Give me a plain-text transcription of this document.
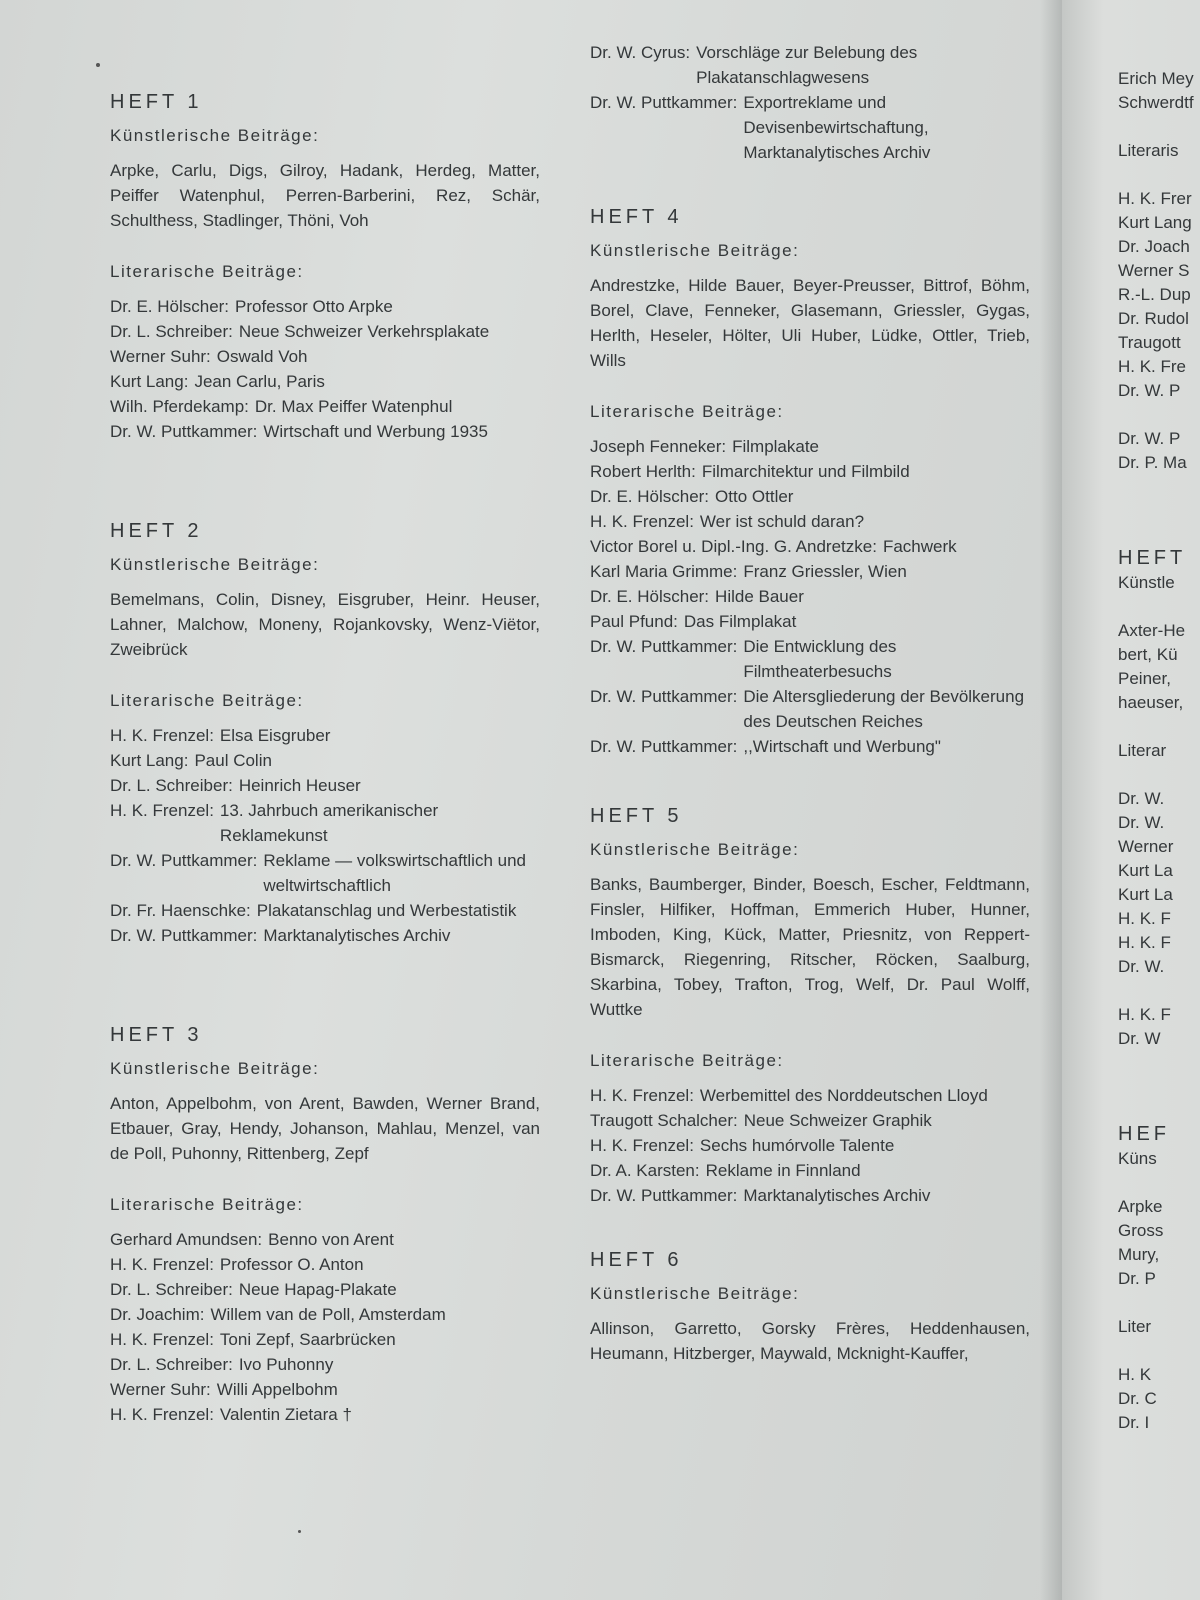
HEFT 1
Künstlerische Beiträge:
Arpke, Carlu, Digs, Gilroy, Hadank, Herdeg, Matter, Peiffer Watenphul, Perren-Barberini, Rez, Schär, Schulthess, Stadlinger, Thöni, Voh
Literarische Beiträge:
Dr. E. Hölscher: Professor Otto Arpke
Dr. L. Schreiber: Neue Schweizer Verkehrsplakate
Werner Suhr: Oswald Voh
Kurt Lang: Jean Carlu, Paris
Wilh. Pferdekamp: Dr. Max Peiffer Watenphul
Dr. W. Puttkammer: Wirtschaft und Werbung 1935
HEFT 2
Künstlerische Beiträge:
Bemelmans, Colin, Disney, Eisgruber, Heinr. Heuser, Lahner, Malchow, Moneny, Rojankovsky, Wenz-Viëtor, Zweibrück
Literarische Beiträge:
H. K. Frenzel: Elsa Eisgruber
Kurt Lang: Paul Colin
Dr. L. Schreiber: Heinrich Heuser
H. K. Frenzel: 13. Jahrbuch amerikanischer Reklamekunst
Dr. W. Puttkammer: Reklame — volkswirtschaftlich und weltwirtschaftlich
Dr. Fr. Haenschke: Plakatanschlag und Werbestatistik
Dr. W. Puttkammer: Marktanalytisches Archiv
HEFT 3
Künstlerische Beiträge:
Anton, Appelbohm, von Arent, Bawden, Werner Brand, Etbauer, Gray, Hendy, Johanson, Mahlau, Menzel, van de Poll, Puhonny, Rittenberg, Zepf
Literarische Beiträge:
Gerhard Amundsen: Benno von Arent
H. K. Frenzel: Professor O. Anton
Dr. L. Schreiber: Neue Hapag-Plakate
Dr. Joachim: Willem van de Poll, Amsterdam
H. K. Frenzel: Toni Zepf, Saarbrücken
Dr. L. Schreiber: Ivo Puhonny
Werner Suhr: Willi Appelbohm
H. K. Frenzel: Valentin Zietara †
Dr. W. Cyrus: Vorschläge zur Belebung des Plakatanschlagwesens
Dr. W. Puttkammer: Exportreklame und Devisenbewirtschaftung, Marktanalytisches Archiv
HEFT 4
Künstlerische Beiträge:
Andrestzke, Hilde Bauer, Beyer-Preusser, Bittrof, Böhm, Borel, Clave, Fenneker, Glasemann, Griessler, Gygas, Herlth, Heseler, Hölter, Uli Huber, Lüdke, Ottler, Trieb, Wills
Literarische Beiträge:
Joseph Fenneker: Filmplakate
Robert Herlth: Filmarchitektur und Filmbild
Dr. E. Hölscher: Otto Ottler
H. K. Frenzel: Wer ist schuld daran?
Victor Borel u. Dipl.-Ing. G. Andretzke: Fachwerk
Karl Maria Grimme: Franz Griessler, Wien
Dr. E. Hölscher: Hilde Bauer
Paul Pfund: Das Filmplakat
Dr. W. Puttkammer: Die Entwicklung des Filmtheaterbesuchs
Dr. W. Puttkammer: Die Altersgliederung der Bevölkerung des Deutschen Reiches
Dr. W. Puttkammer: ,,Wirtschaft und Werbung"
HEFT 5
Künstlerische Beiträge:
Banks, Baumberger, Binder, Boesch, Escher, Feldtmann, Finsler, Hilfiker, Hoffman, Emmerich Huber, Hunner, Imboden, King, Kück, Matter, Priesnitz, von Reppert-Bismarck, Riegenring, Ritscher, Röcken, Saalburg, Skarbina, Tobey, Trafton, Trog, Welf, Dr. Paul Wolff, Wuttke
Literarische Beiträge:
H. K. Frenzel: Werbemittel des Norddeutschen Lloyd
Traugott Schalcher: Neue Schweizer Graphik
H. K. Frenzel: Sechs humórvolle Talente
Dr. A. Karsten: Reklame in Finnland
Dr. W. Puttkammer: Marktanalytisches Archiv
HEFT 6
Künstlerische Beiträge:
Allinson, Garretto, Gorsky Frères, Heddenhausen, Heumann, Hitzberger, Maywald, Mcknight-Kauffer,
Erich Mey
Schwerdtf
Literaris
H. K. Frer
Kurt Lang
Dr. Joach
Werner S
R.-L. Dup
Dr. Rudol
Traugott
H. K. Fre
Dr. W. P
Dr. W. P
Dr. P. Ma
HEFT
Künstle
Axter-He
bert, Kü
Peiner,
haeuser,
Literar
Dr. W.
Dr. W.
Werner
Kurt La
Kurt La
H. K. F
H. K. F
Dr. W.
H. K. F
Dr. W
HEF
Küns
Arpke
Gross
Mury,
Dr. P
Liter
H. K
Dr. C
Dr. I
